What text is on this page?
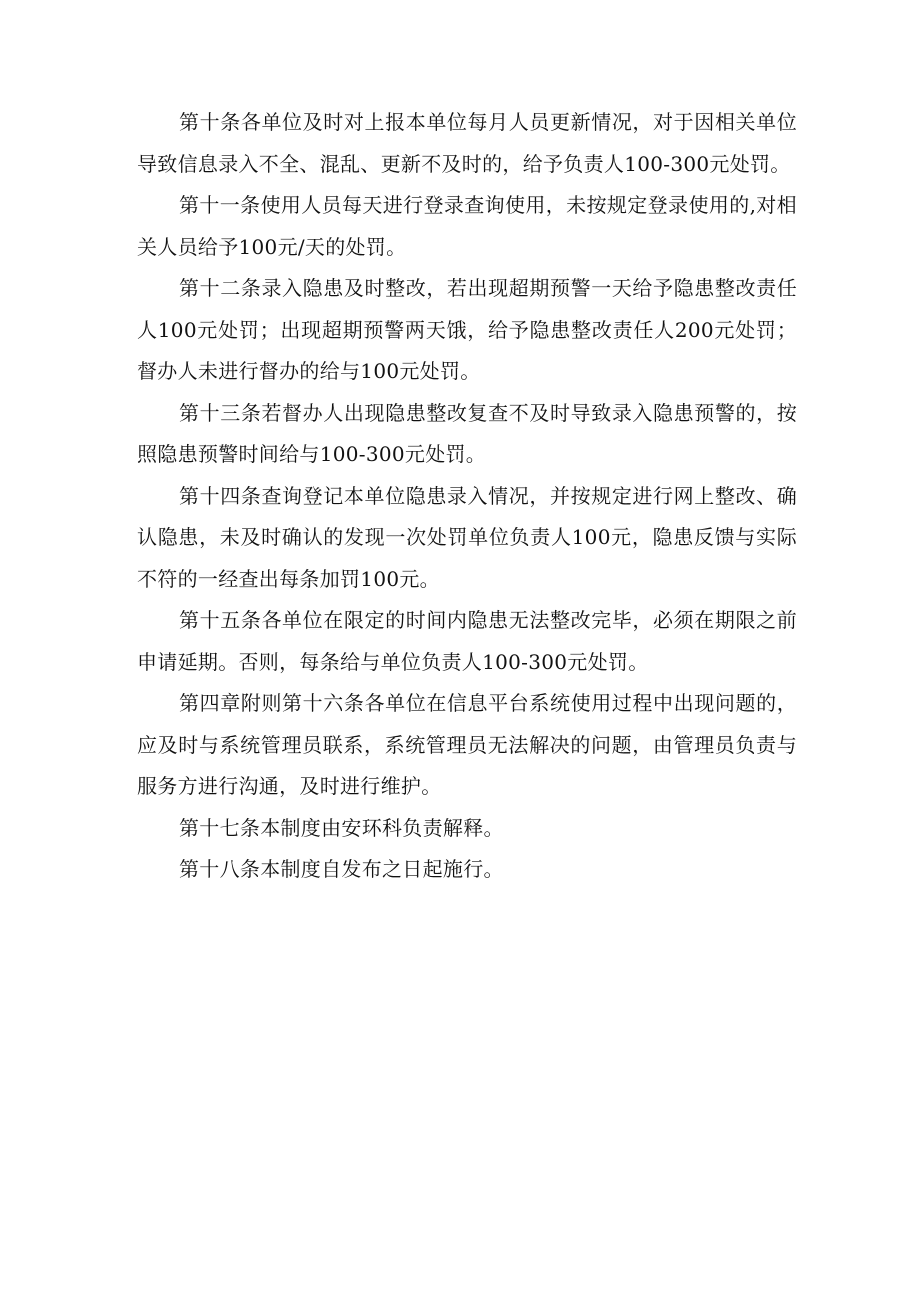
第十条各单位及时对上报本单位每月人员更新情况，对于因相关单位导致信息录入不全、混乱、更新不及时的，给予负责人100-300元处罚。

第十一条使用人员每天进行登录查询使用，未按规定登录使用的,对相关人员给予100元/天的处罚。

第十二条录入隐患及时整改，若出现超期预警一天给予隐患整改责任人100元处罚；出现超期预警两天饿，给予隐患整改责任人200元处罚；督办人未进行督办的给与100元处罚。

第十三条若督办人出现隐患整改复查不及时导致录入隐患预警的，按照隐患预警时间给与100-300元处罚。

第十四条查询登记本单位隐患录入情况，并按规定进行网上整改、确认隐患，未及时确认的发现一次处罚单位负责人100元，隐患反馈与实际不符的一经查出每条加罚100元。

第十五条各单位在限定的时间内隐患无法整改完毕，必须在期限之前申请延期。否则，每条给与单位负责人100-300元处罚。

第四章附则第十六条各单位在信息平台系统使用过程中出现问题的，应及时与系统管理员联系，系统管理员无法解决的问题，由管理员负责与服务方进行沟通，及时进行维护。

第十七条本制度由安环科负责解释。

第十八条本制度自发布之日起施行。
